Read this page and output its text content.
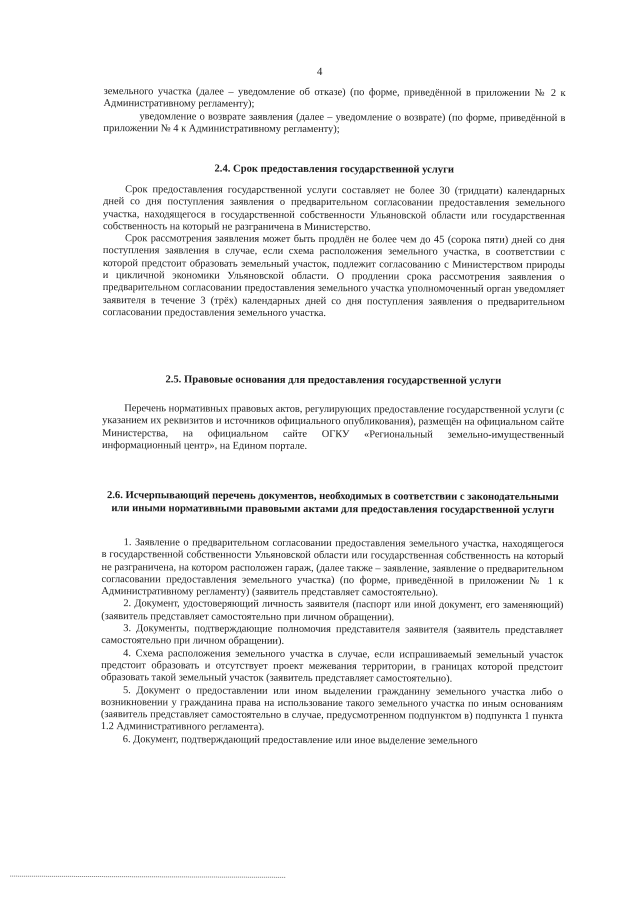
4

земельного участка (далее – уведомление об отказе) (по форме, приведённой в приложении № 2 к Административному регламенту);

уведомление о возврате заявления (далее – уведомление о возврате) (по форме, приведённой в приложении № 4 к Административному регламенту);

2.4. Срок предоставления государственной услуги

Срок предоставления государственной услуги составляет не более 30 (тридцати) календарных дней со дня поступления заявления о предварительном согласовании предоставления земельного участка, находящегося в государственной собственности Ульяновской области или государственная собственность на который не разграничена в Министерство.

Срок рассмотрения заявления может быть продлён не более чем до 45 (сорока пяти) дней со дня поступления заявления в случае, если схема расположения земельного участка, в соответствии с которой предстоит образовать земельный участок, подлежит согласованию с Министерством природы и цикличной экономики Ульяновской области. О продлении срока рассмотрения заявления о предварительном согласовании предоставления земельного участка уполномоченный орган уведомляет заявителя в течение 3 (трёх) календарных дней со дня поступления заявления о предварительном согласовании предоставления земельного участка.

2.5. Правовые основания для предоставления государственной услуги

Перечень нормативных правовых актов, регулирующих предоставление государственной услуги (с указанием их реквизитов и источников официального опубликования), размещён на официальном сайте Министерства, на официальном сайте ОГКУ «Региональный земельно-имущественный информационный центр», на Едином портале.

2.6. Исчерпывающий перечень документов, необходимых в соответствии с законодательными или иными нормативными правовыми актами для предоставления государственной услуги

1. Заявление о предварительном согласовании предоставления земельного участка, находящегося в государственной собственности Ульяновской области или государственная собственность на который не разграничена, на котором расположен гараж, (далее также – заявление, заявление о предварительном согласовании предоставления земельного участка) (по форме, приведённой в приложении № 1 к Административному регламенту) (заявитель представляет самостоятельно).

2. Документ, удостоверяющий личность заявителя (паспорт или иной документ, его заменяющий) (заявитель представляет самостоятельно при личном обращении).

3. Документы, подтверждающие полномочия представителя заявителя (заявитель представляет самостоятельно при личном обращении).

4. Схема расположения земельного участка в случае, если испрашиваемый земельный участок предстоит образовать и отсутствует проект межевания территории, в границах которой предстоит образовать такой земельный участок (заявитель представляет самостоятельно).

5. Документ о предоставлении или ином выделении гражданину земельного участка либо о возникновении у гражданина права на использование такого земельного участка по иным основаниям (заявитель представляет самостоятельно в случае, предусмотренном подпунктом в) подпункта 1 пункта 1.2 Административного регламента).

6. Документ, подтверждающий предоставление или иное выделение земельного
